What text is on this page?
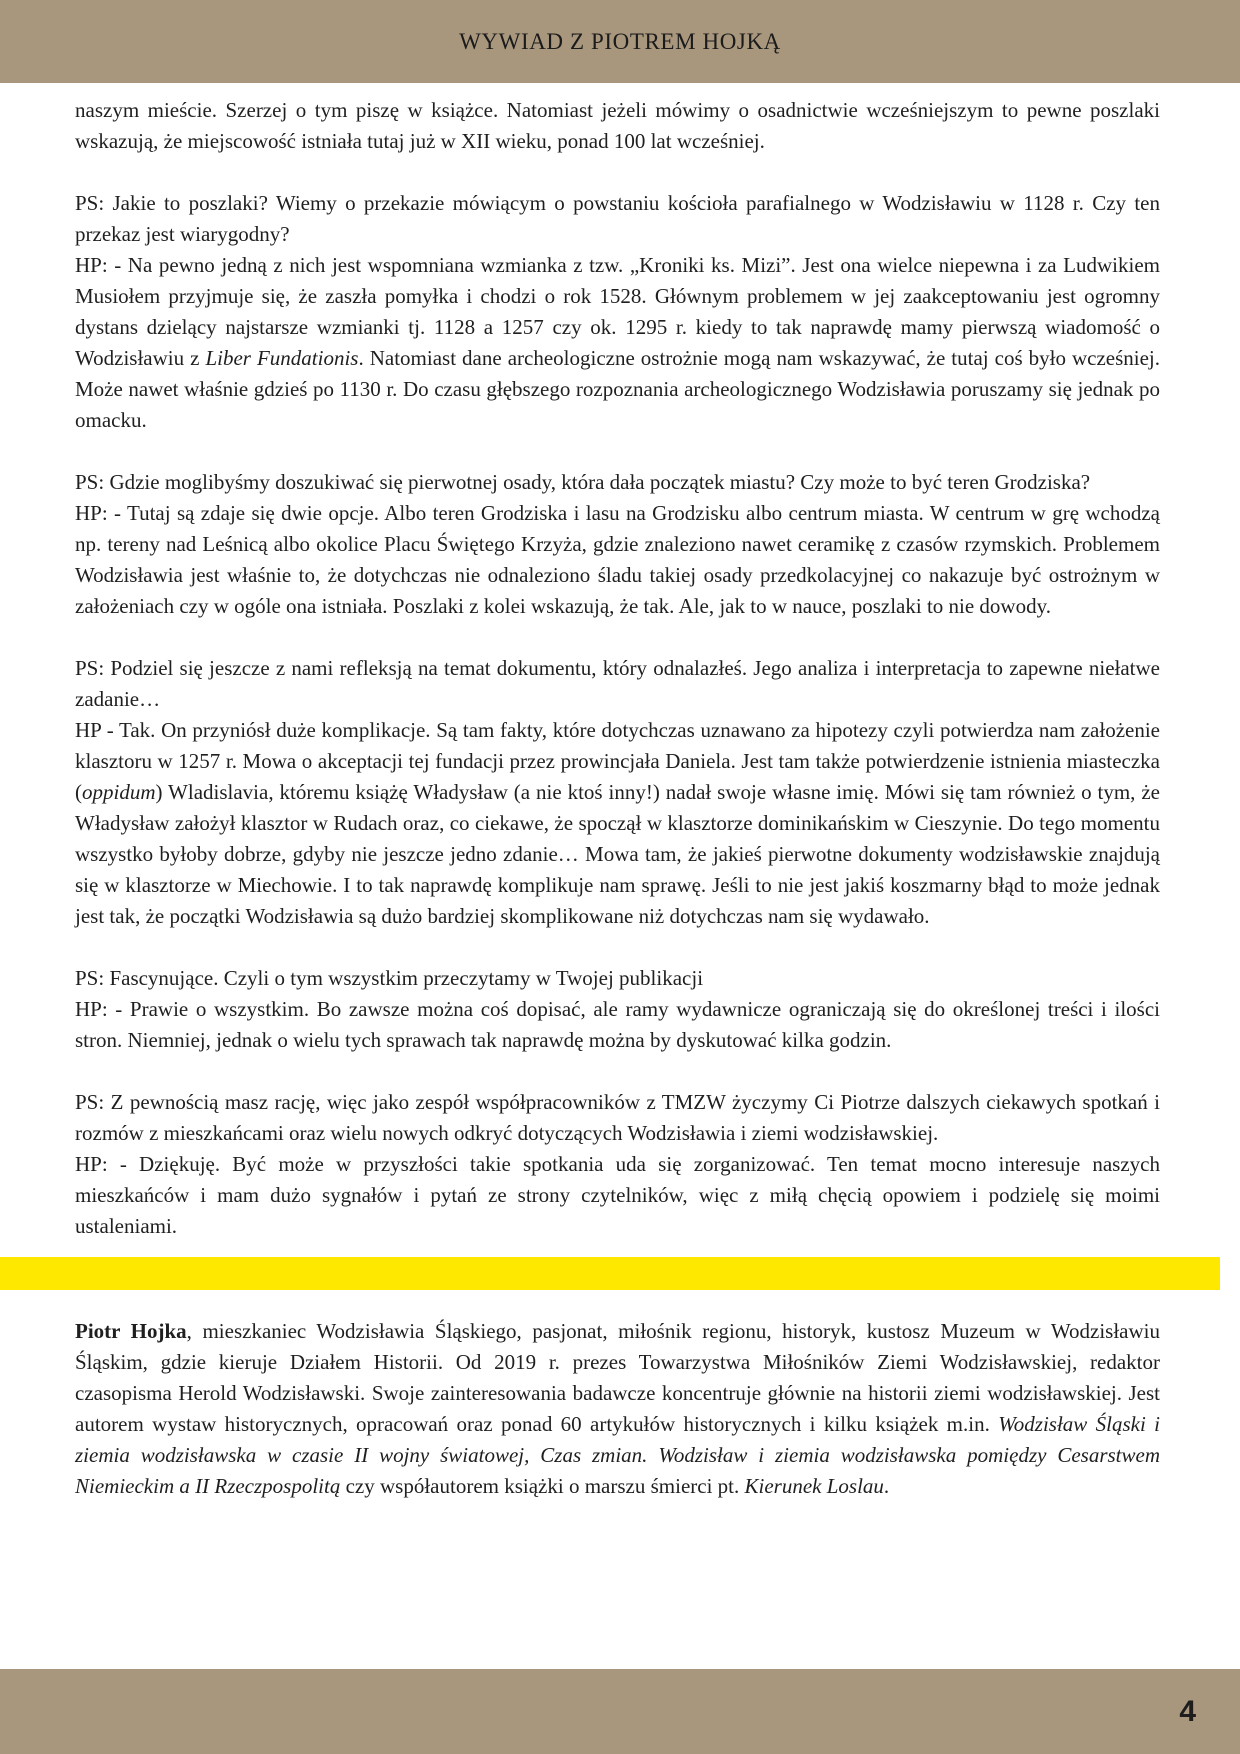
WYWIAD Z PIOTREM HOJKĄ

naszym mieście. Szerzej o tym piszę w książce. Natomiast jeżeli mówimy o osadnictwie wcześniejszym to pewne poszlaki wskazują, że miejscowość istniała tutaj już w XII wieku, ponad 100 lat wcześniej.

PS: Jakie to poszlaki? Wiemy o przekazie mówiącym o powstaniu kościoła parafialnego w Wodzisławiu w 1128 r. Czy ten przekaz jest wiarygodny?

HP: - Na pewno jedną z nich jest wspomniana wzmianka z tzw. „Kroniki ks. Mizi”. Jest ona wielce niepewna i za Ludwikiem Musiołem przyjmuje się, że zaszła pomyłka i chodzi o rok 1528. Głównym problemem w jej zaakceptowaniu jest ogromny dystans dzielący najstarsze wzmianki tj. 1128 a 1257 czy ok. 1295 r. kiedy to tak naprawdę mamy pierwszą wiadomość o Wodzisławiu z Liber Fundationis. Natomiast dane archeologiczne ostrożnie mogą nam wskazywać, że tutaj coś było wcześniej. Może nawet właśnie gdzieś po 1130 r. Do czasu głębszego rozpoznania archeologicznego Wodzisławia poruszamy się jednak po omacku.

PS: Gdzie moglibyśmy doszukiwać się pierwotnej osady, która dała początek miastu? Czy może to być teren Grodziska?

HP: - Tutaj są zdaje się dwie opcje. Albo teren Grodziska i lasu na Grodzisku albo centrum miasta. W centrum w grę wchodzą np. tereny nad Leśnicą albo okolice Placu Świętego Krzyża, gdzie znaleziono nawet ceramikę z czasów rzymskich. Problemem Wodzisławia jest właśnie to, że dotychczas nie odnaleziono śladu takiej osady przedkolacyjnej co nakazuje być ostrożnym w założeniach czy w ogóle ona istniała. Poszlaki z kolei wskazują, że tak. Ale, jak to w nauce, poszlaki to nie dowody.

PS: Podziel się jeszcze z nami refleksją na temat dokumentu, który odnalazłeś. Jego analiza i interpretacja to zapewne niełatwe zadanie…

HP - Tak. On przyniósł duże komplikacje. Są tam fakty, które dotychczas uznawano za hipotezy czyli potwierdza nam założenie klasztoru w 1257 r. Mowa o akceptacji tej fundacji przez prowincjała Daniela. Jest tam także potwierdzenie istnienia miasteczka (oppidum) Wladislavia, któremu książę Władysław (a nie ktoś inny!) nadał swoje własne imię. Mówi się tam również o tym, że Władysław założył klasztor w Rudach oraz, co ciekawe, że spoczął w klasztorze dominikańskim w Cieszynie. Do tego momentu wszystko byłoby dobrze, gdyby nie jeszcze jedno zdanie… Mowa tam, że jakieś pierwotne dokumenty wodzisławskie znajdują się w klasztorze w Miechowie. I to tak naprawdę komplikuje nam sprawę. Jeśli to nie jest jakiś koszmarny błąd to może jednak jest tak, że początki Wodzisławia są dużo bardziej skomplikowane niż dotychczas nam się wydawało.

PS: Fascynujące. Czyli o tym wszystkim przeczytamy w Twojej publikacji

HP: - Prawie o wszystkim. Bo zawsze można coś dopisać, ale ramy wydawnicze ograniczają się do określonej treści i ilości stron. Niemniej, jednak o wielu tych sprawach tak naprawdę można by dyskutować kilka godzin.

PS: Z pewnością masz rację, więc jako zespół współpracowników z TMZW życzymy Ci Piotrze dalszych ciekawych spotkań i rozmów z mieszkańcami oraz wielu nowych odkryć dotyczących Wodzisławia i ziemi wodzisławskiej.

HP: - Dziękuję. Być może w przyszłości takie spotkania uda się zorganizować. Ten temat mocno interesuje naszych mieszkańców i mam dużo sygnałów i pytań ze strony czytelników, więc z miłą chęcią opowiem i podzielę się moimi ustaleniami.

Piotr Hojka, mieszkaniec Wodzisławia Śląskiego, pasjonat, miłośnik regionu, historyk, kustosz Muzeum w Wodzisławiu Śląskim, gdzie kieruje Działem Historii. Od 2019 r. prezes Towarzystwa Miłośników Ziemi Wodzisławskiej, redaktor czasopisma Herold Wodzisławski. Swoje zainteresowania badawcze koncentruje głównie na historii ziemi wodzisławskiej. Jest autorem wystaw historycznych, opracowań oraz ponad 60 artykułów historycznych i kilku książek m.in. Wodzisław Śląski i ziemia wodzisławska w czasie II wojny światowej, Czas zmian. Wodzisław i ziemia wodzisławska pomiędzy Cesarstwem Niemieckim a II Rzeczpospolitą czy współautorem książki o marszu śmierci pt. Kierunek Loslau.

4
